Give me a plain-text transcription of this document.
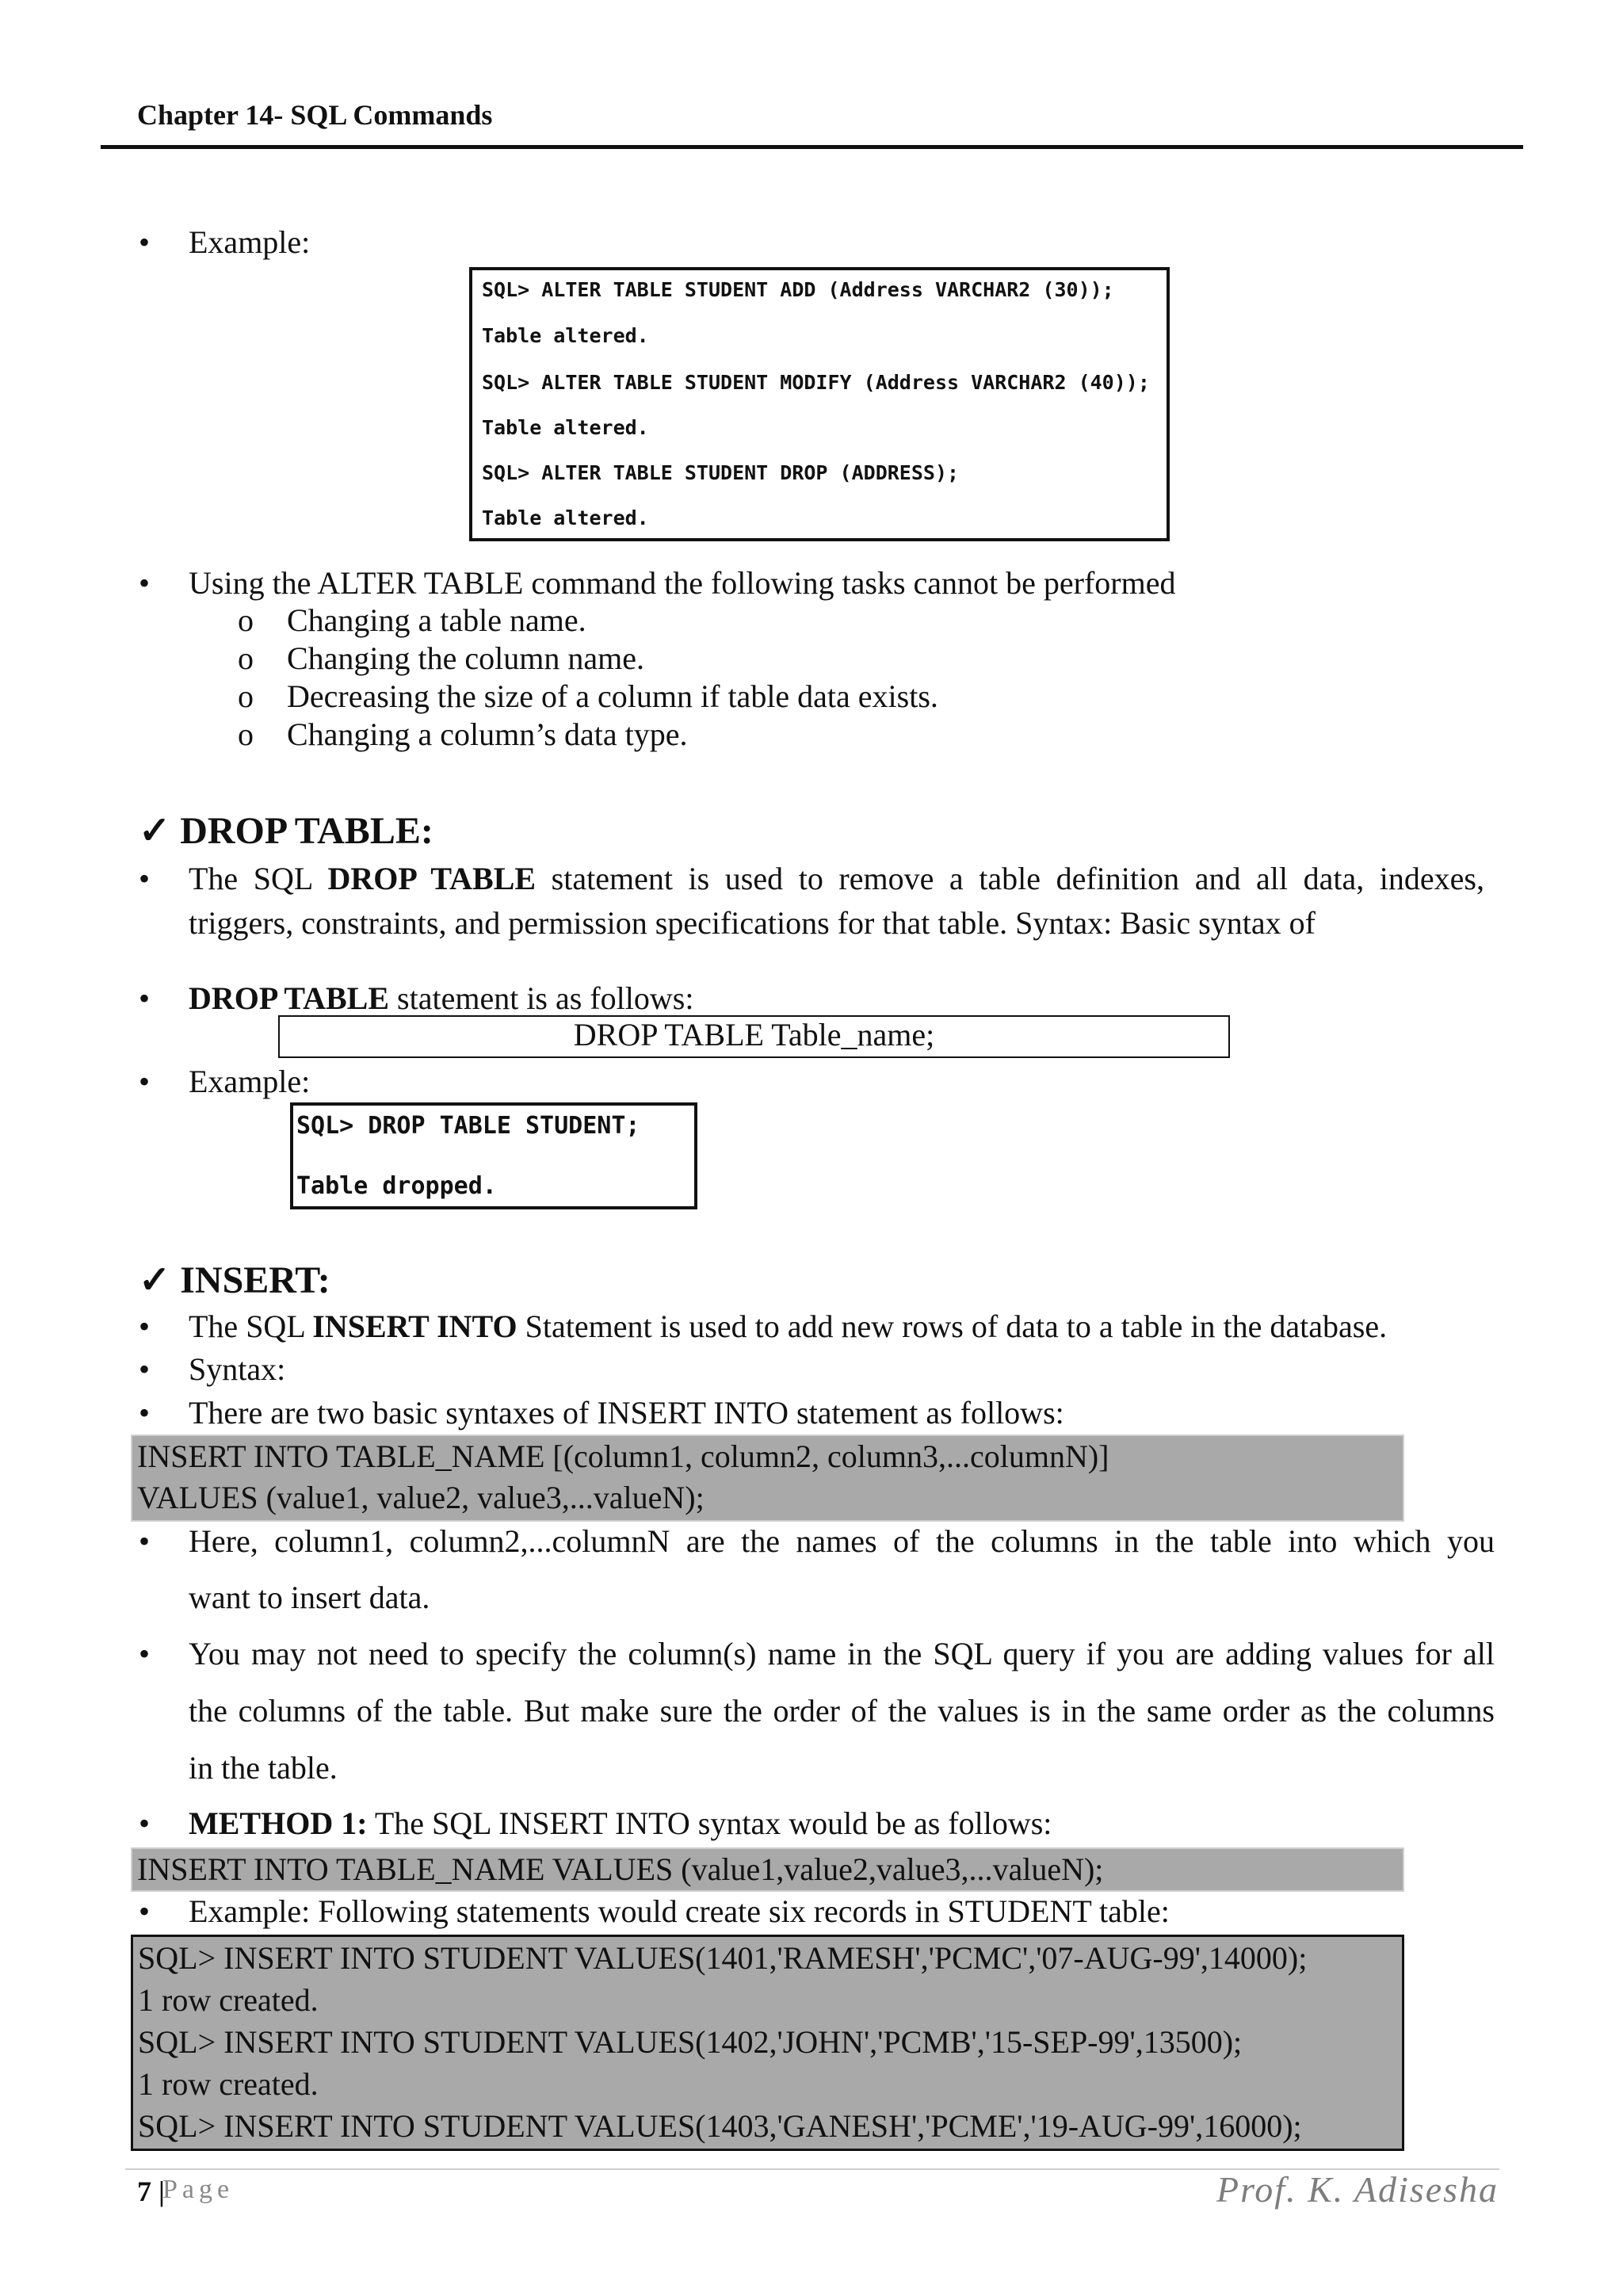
Chapter 14- SQL Commands
• Example:
SQL> ALTER TABLE STUDENT ADD (Address VARCHAR2 (30));
Table altered.
SQL> ALTER TABLE STUDENT MODIFY (Address VARCHAR2 (40));
Table altered.
SQL> ALTER TABLE STUDENT DROP (ADDRESS);
Table altered.
• Using the ALTER TABLE command the following tasks cannot be performed
o Changing a table name.
o Changing the column name.
o Decreasing the size of a column if table data exists.
o Changing a column’s data type.
✓ DROP TABLE:
• The SQL DROP TABLE statement is used to remove a table definition and all data, indexes,
triggers, constraints, and permission specifications for that table. Syntax: Basic syntax of
• DROP TABLE statement is as follows:
DROP TABLE Table_name;
• Example:
SQL> DROP TABLE STUDENT;
Table dropped.
✓ INSERT:
• The SQL INSERT INTO Statement is used to add new rows of data to a table in the database.
• Syntax:
• There are two basic syntaxes of INSERT INTO statement as follows:
INSERT INTO TABLE_NAME [(column1, column2, column3,...columnN)]
VALUES (value1, value2, value3,...valueN);
• Here, column1, column2,...columnN are the names of the columns in the table into which you
want to insert data.
• You may not need to specify the column(s) name in the SQL query if you are adding values for all
the columns of the table. But make sure the order of the values is in the same order as the columns
in the table.
• METHOD 1: The SQL INSERT INTO syntax would be as follows:
INSERT INTO TABLE_NAME VALUES (value1,value2,value3,...valueN);
• Example: Following statements would create six records in STUDENT table:
SQL> INSERT INTO STUDENT VALUES(1401,'RAMESH','PCMC','07-AUG-99',14000);
1 row created.
SQL> INSERT INTO STUDENT VALUES(1402,'JOHN','PCMB','15-SEP-99',13500);
1 row created.
SQL> INSERT INTO STUDENT VALUES(1403,'GANESH','PCME','19-AUG-99',16000);
7 |
Page	Prof. K. Adisesha
